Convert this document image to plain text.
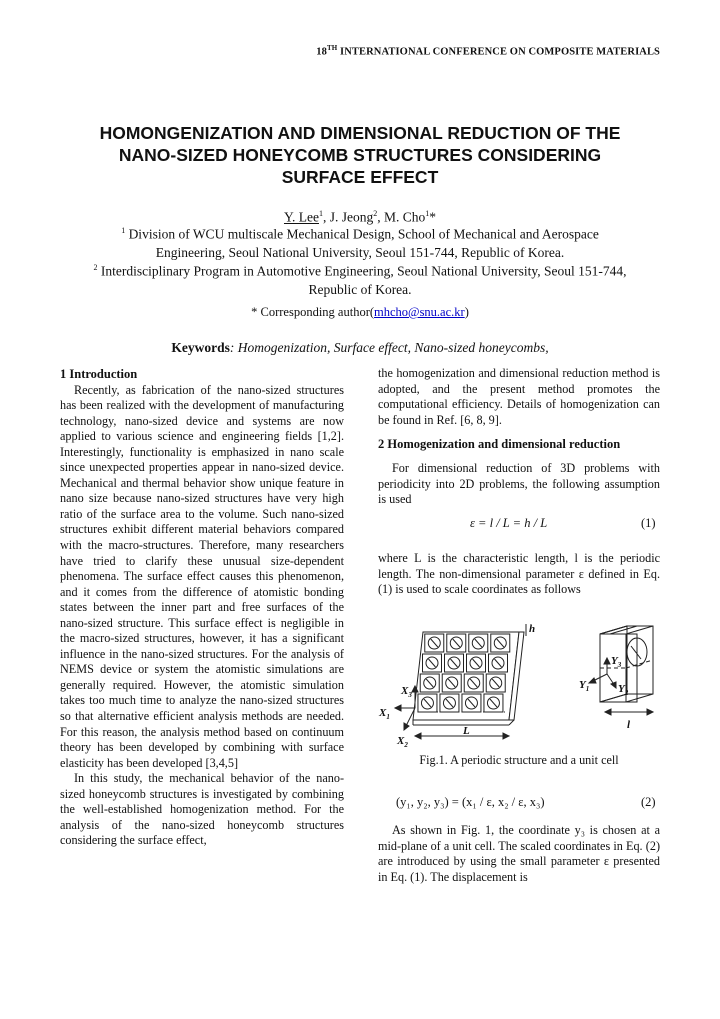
18TH INTERNATIONAL CONFERENCE ON COMPOSITE MATERIALS
HOMONGENIZATION AND DIMENSIONAL REDUCTION OF THE
NANO-SIZED HONEYCOMB STRUCTURES CONSIDERING
SURFACE EFFECT
Y. Lee$^1$, J. Jeong$^2$, M. Cho$^1$*
$^1$ Division of WCU multiscale Mechanical Design, School of Mechanical and Aerospace
Engineering, Seoul National University, Seoul 151-744, Republic of Korea.
$^2$ Interdisciplinary Program in Automotive Engineering, Seoul National University, Seoul 151-744,
Republic of Korea.
* Corresponding author(mhcho@snu.ac.kr)
Keywords: Homogenization, Surface effect, Nano-sized honeycombs,
1 Introduction

Recently, as fabrication of the nano-sized structures has been realized with the development of manufacturing technology, nano-sized device and systems are now applied to various science and engineering fields [1,2]. Interestingly, functionality is emphasized in nano scale since unexpected properties appear in nano-sized device. Mechanical and thermal behavior show unique feature in nano size because nano-sized structures have very high ratio of the surface area to the volume. Such nano-sized structures exhibit different material behaviors compared with the macro-structures. Therefore, many researchers have tried to clarify these unusual size-dependent phenomena. The surface effect causes this phenomenon, and it comes from the difference of atomistic bonding states between the inner part and free surfaces of the nano-sized structure. This surface effect is negligible in the macro-sized structures, however, it has a significant influence in the nano-sized structures. For the analysis of NEMS device or system the atomistic simulations are generally required. However, the atomistic simulation takes too much time to analyze the nano-sized structures so that alternative efficient analysis methods are needed. For this reason, the analysis method based on continuum theory has been developed by combining with surface elasticity has been developed [3,4,5]

In this study, the mechanical behavior of the nano-sized honeycomb structures is investigated by combining the well-established homogenization method. For the analysis of the nano-sized honeycomb structures considering the surface effect,

the homogenization and dimensional reduction method is adopted, and the present method promotes the computational efficiency. Details of homogenization can be found in Ref. [6, 8, 9].

2 Homogenization and dimensional reduction

For dimensional reduction of 3D problems with periodicity into 2D problems, the following assumption is used

ε = l / L = h / L	(1)

where L is the characteristic length, l is the periodic length. The non-dimensional parameter ε defined in Eq. (1) is used to scale coordinates as follows

h
$X_3$
$X_1$
$X_2$
L
$Y_3$
$Y_1$	$Y_2$
l
Fig.1. A periodic structure and a unit cell
(y₁, y₂, y₃) = (x₁ / ε, x₂ / ε, x₃)	(2)

As shown in Fig. 1, the coordinate y₃ is chosen at a mid-plane of a unit cell. The scaled coordinates in Eq. (2) are introduced by using the small parameter ε presented in Eq. (1). The displacement is
